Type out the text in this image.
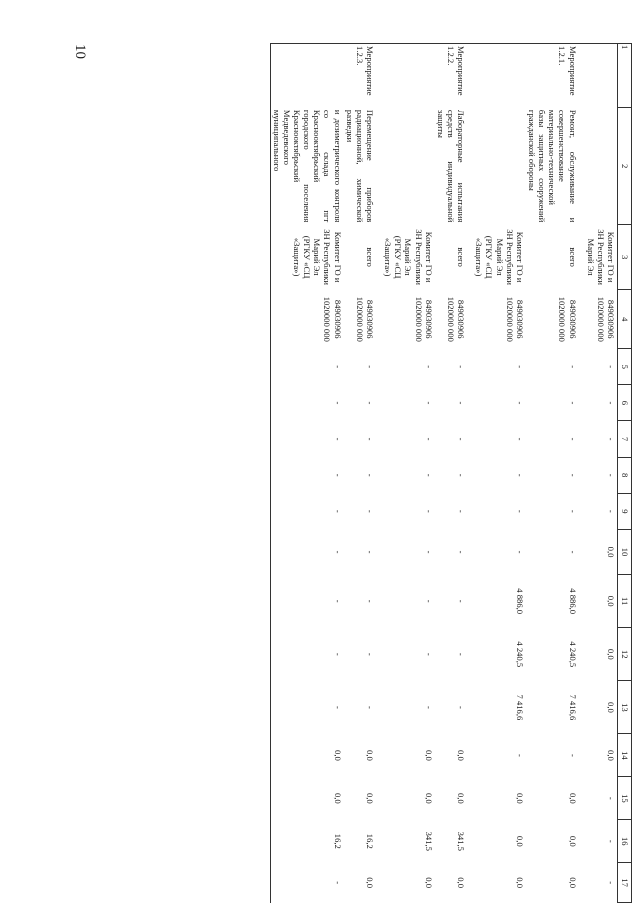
10	1	2	3	4	5	6	7	8	9	10	11	12	13	14	15	16	17
		Комитет ГО и ЗН Республики Марий Эл	849030906 1020000 000	-	-	-	-	-	0,0	0,0	0,0	0,0	0,0	-	-	-

Мероприятие 1.2.1.	Ремонт, обслуживание и совершенствование материально-технической базы защитных сооружений гражданской обороны	всего	849030906 1020000 000	-	-	-	-	-	-	4 886,0	4 240,5	7 416,6	-	0,0	0,0	0,0
		Комитет ГО и ЗН Республики Марий Эл (РГКУ «СЦ «Защита»)	849030906 1020000 000	-	-	-	-	-	-	4 886,0	4 240,5	7 416,6	-	0,0	0,0	0,0

Мероприятие 1.2.2.	Лабораторные испытания средств индивидуальной защиты	всего	849030906 1020000 000	-	-	-	-	-	-	-	-	-	0,0	0,0	341,5	0,0
		Комитет ГО и ЗН Республики Марий Эл (РГКУ «СЦ «Защита»)	849030906 1020000 000	-	-	-	-	-	-	-	-	-	0,0	0,0	341,5	0,0

Мероприятие 1.2.3.	Перемещение приборов радиационной, химической разведки	всего	849030906 1020000 000	-	-	-	-	-	-	-	-	-	0,0	0,0	16,2	0,0
	и дозиметрического контроля со склада пгт Краснооктябрьский городского поселения Краснооктябрьский Медведевского муниципального	Комитет ГО и ЗН Республики Марий Эл (РГКУ «СЦ «Защита»)	849030906 1020000 000	-	-	-	-	-	-	-	-	-	0,0	0,0	16,2	-
